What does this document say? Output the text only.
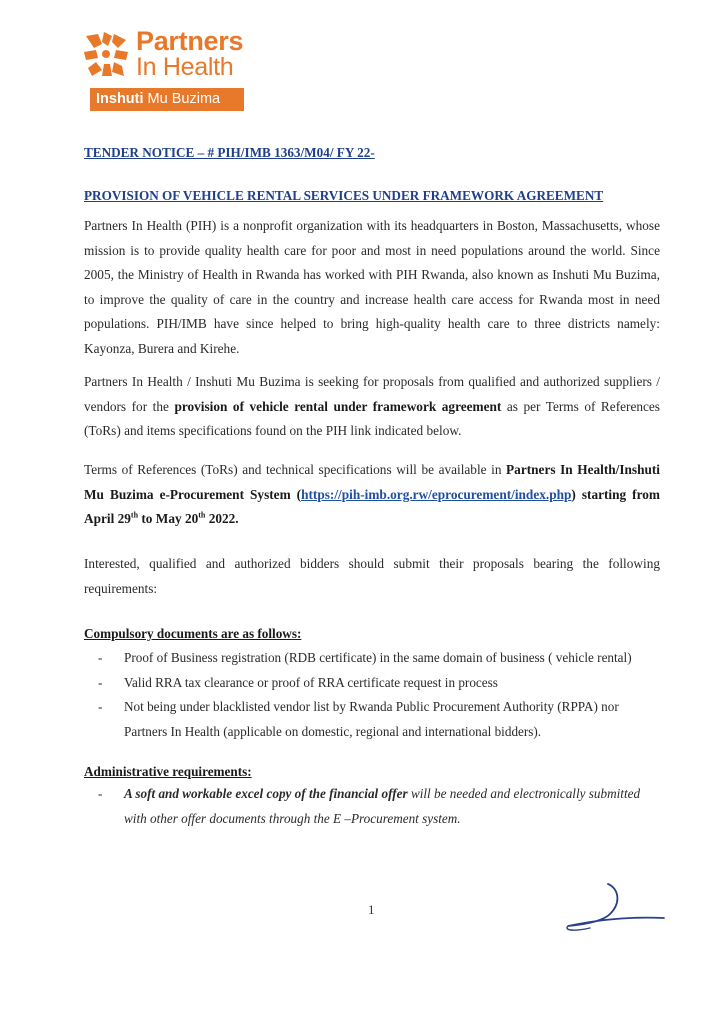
Partners
In Health
Inshuti Mu Buzima
TENDER NOTICE – # PIH/IMB 1363/M04/ FY 22-
PROVISION OF VEHICLE RENTAL SERVICES UNDER FRAMEWORK AGREEMENT
Partners In Health (PIH) is a nonprofit organization with its headquarters in Boston, Massachusetts, whose mission is to provide quality health care for poor and most in need populations around the world. Since 2005, the Ministry of Health in Rwanda has worked with PIH Rwanda, also known as Inshuti Mu Buzima, to improve the quality of care in the country and increase health care access for Rwanda most in need populations. PIH/IMB have since helped to bring high-quality health care to three districts namely: Kayonza, Burera and Kirehe.
Partners In Health / Inshuti Mu Buzima is seeking for proposals from qualified and authorized suppliers / vendors for the provision of vehicle rental under framework agreement as per Terms of References (ToRs) and items specifications found on the PIH link indicated below.
Terms of References (ToRs) and technical specifications will be available in Partners In Health/Inshuti Mu Buzima e-Procurement System (https://pih-imb.org.rw/eprocurement/index.php) starting from April 29th to May 20th 2022.
Interested, qualified and authorized bidders should submit their proposals bearing the following requirements:
Compulsory documents are as follows:
- Proof of Business registration (RDB certificate) in the same domain of business ( vehicle rental)
- Valid RRA tax clearance or proof of RRA certificate request in process
- Not being under blacklisted vendor list by Rwanda Public Procurement Authority (RPPA) nor Partners In Health (applicable on domestic, regional and international bidders).
Administrative requirements:
- A soft and workable excel copy of the financial offer will be needed and electronically submitted with other offer documents through the E –Procurement system.
1
